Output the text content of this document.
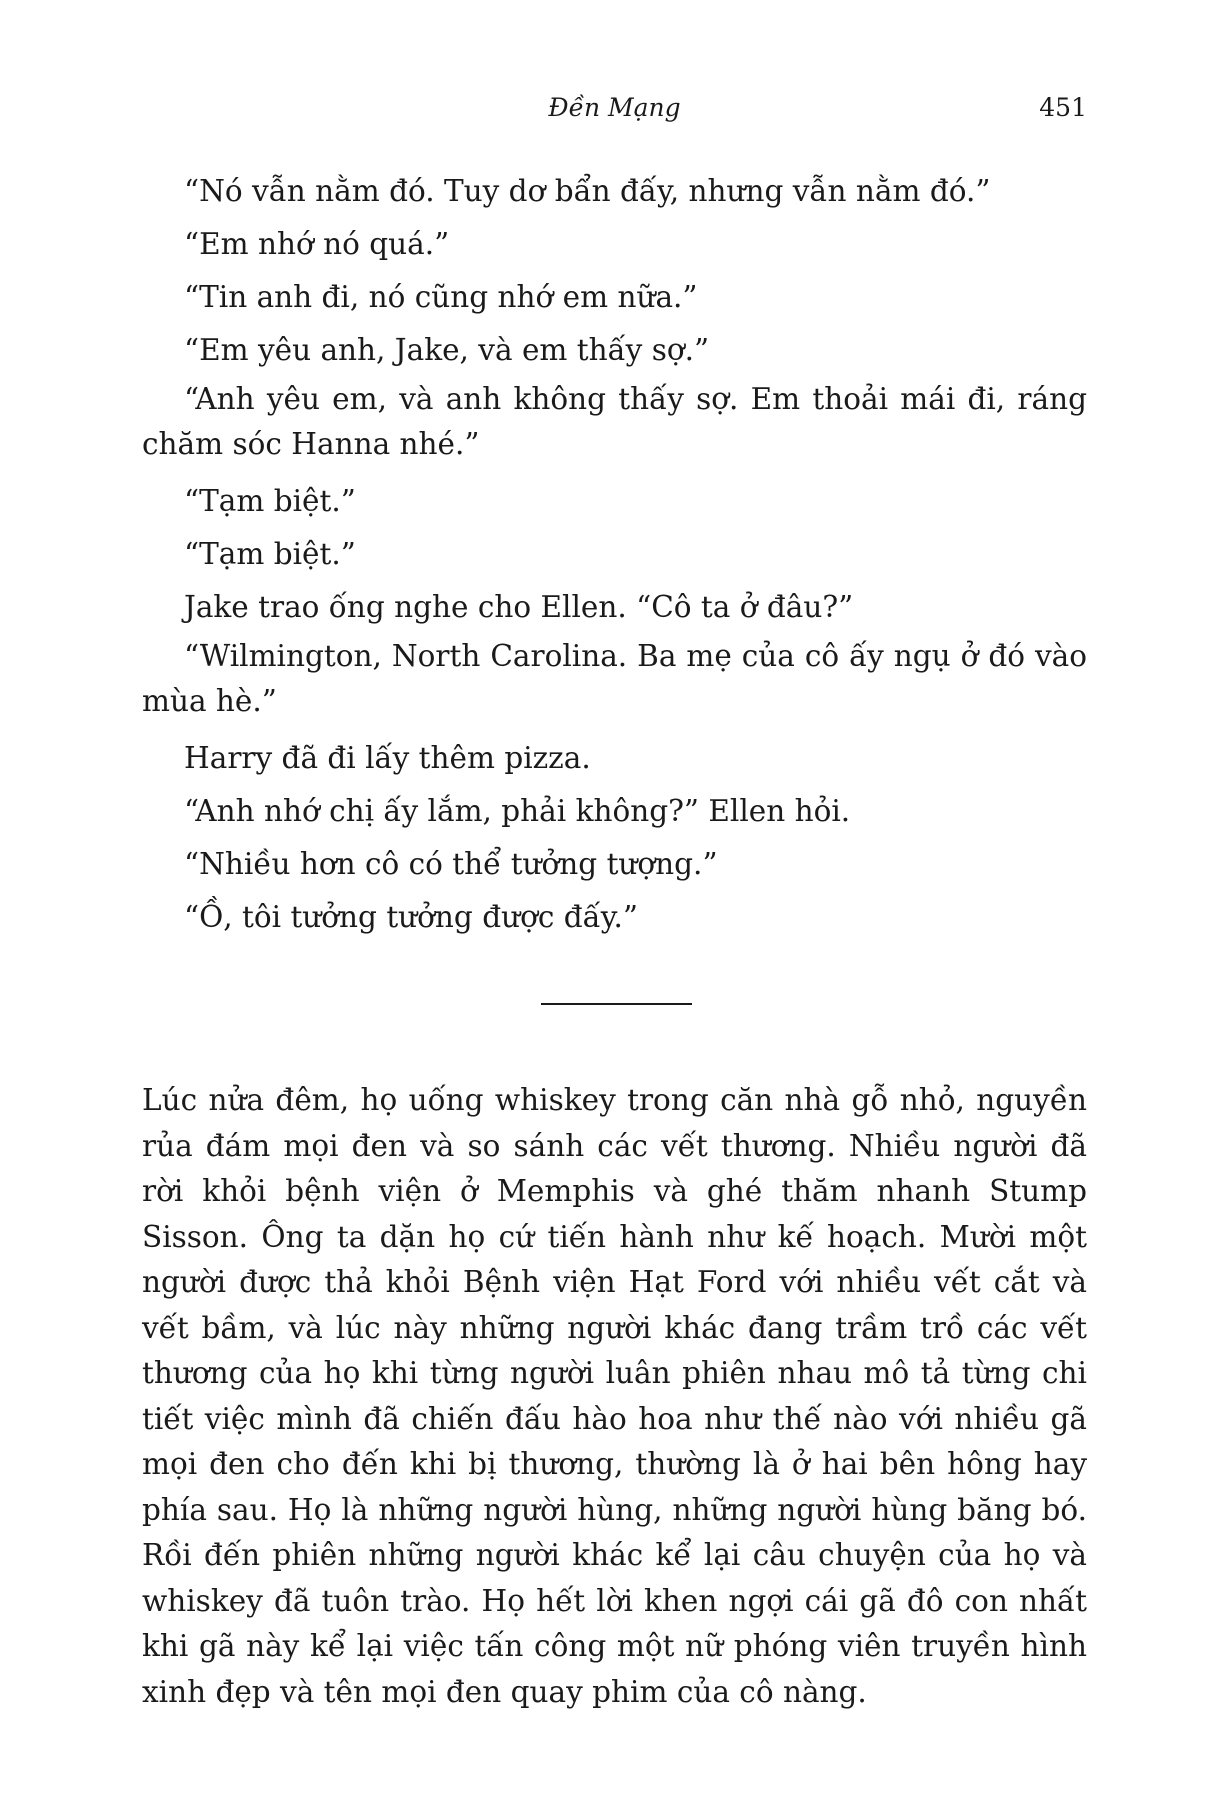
Đền Mạng	451

“Nó vẫn nằm đó. Tuy dơ bẩn đấy, nhưng vẫn nằm đó.”

“Em nhớ nó quá.”

“Tin anh đi, nó cũng nhớ em nữa.”

“Em yêu anh, Jake, và em thấy sợ.”

“Anh yêu em, và anh không thấy sợ. Em thoải mái đi, ráng chăm sóc Hanna nhé.”

“Tạm biệt.”

“Tạm biệt.”

Jake trao ống nghe cho Ellen. “Cô ta ở đâu?”

“Wilmington, North Carolina. Ba mẹ của cô ấy ngụ ở đó vào mùa hè.”

Harry đã đi lấy thêm pizza.

“Anh nhớ chị ấy lắm, phải không?” Ellen hỏi.

“Nhiều hơn cô có thể tưởng tượng.”

“Ồ, tôi tưởng tưởng được đấy.”

Lúc nửa đêm, họ uống whiskey trong căn nhà gỗ nhỏ, nguyền rủa đám mọi đen và so sánh các vết thương. Nhiều người đã rời khỏi bệnh viện ở Memphis và ghé thăm nhanh Stump Sisson. Ông ta dặn họ cứ tiến hành như kế hoạch. Mười một người được thả khỏi Bệnh viện Hạt Ford với nhiều vết cắt và vết bầm, và lúc này những người khác đang trầm trồ các vết thương của họ khi từng người luân phiên nhau mô tả từng chi tiết việc mình đã chiến đấu hào hoa như thế nào với nhiều gã mọi đen cho đến khi bị thương, thường là ở hai bên hông hay phía sau. Họ là những người hùng, những người hùng băng bó. Rồi đến phiên những người khác kể lại câu chuyện của họ và whiskey đã tuôn trào. Họ hết lời khen ngợi cái gã đô con nhất khi gã này kể lại việc tấn công một nữ phóng viên truyền hình xinh đẹp và tên mọi đen quay phim của cô nàng.
